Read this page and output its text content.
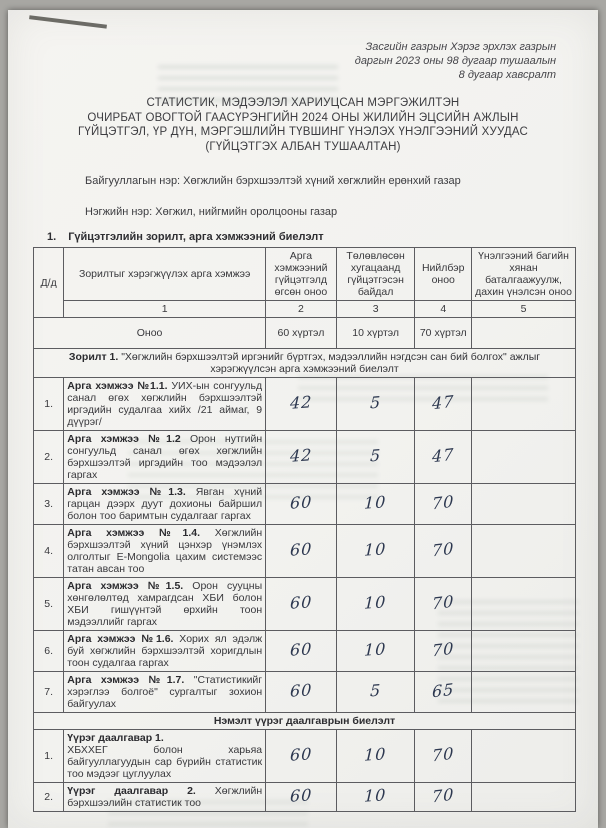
Засгийн газрын Хэрэг эрхлэх газрын
даргын 2023 оны 98 дугаар тушаалын
8 дугаар хавсралт
СТАТИСТИК, МЭДЭЭЛЭЛ ХАРИУЦСАН МЭРГЭЖИЛТЭН
ОЧИРБАТ ОВОГТОЙ ГААСҮРЭНГИЙН 2024 ОНЫ ЖИЛИЙН ЭЦСИЙН АЖЛЫН
ГҮЙЦЭТГЭЛ, ҮР ДҮН, МЭРГЭШЛИЙН ТҮВШИНГ ҮНЭЛЭХ ҮНЭЛГЭЭНИЙ ХУУДАС
(ГҮЙЦЭТГЭХ АЛБАН ТУШААЛТАН)
Байгууллагын нэр: Хөгжлийн бэрхшээлтэй хүний хөгжлийн ерөнхий газар
Нэгжийн нэр: Хөгжил, нийгмийн оролцооны газар
1. Гүйцэтгэлийн зорилт, арга хэмжээний биелэлт
Д/д	Зорилтыг хэрэгжүүлэх арга хэмжээ	Арга хэмжээний гүйцэтгэлд өгсөн оноо	Төлөвлөсөн хугацаанд гүйцэтгэсэн байдал	Нийлбэр оноо	Үнэлгээний багийн хянан баталгаажуулж, дахин үнэлсэн оноо
	1	2	3	4	5
Оноо		60 хүртэл	10 хүртэл	70 хүртэл	
Зорилт 1. "Хөгжлийн бэрхшээлтэй иргэнийг бүртгэх, мэдээллийн нэгдсэн сан бий болгох" ажлыг хэрэгжүүлсэн арга хэмжээний биелэлт					
1.	Арга хэмжээ №1.1. УИХ-ын сонгуульд санал өгөх хөгжлийн бэрхшээлтэй иргэдийн судалгаа хийх /21 аймаг, 9 дүүрэг/	42	5	47	
2.	Арга хэмжээ №1.2 Орон нутгийн сонгуульд санал өгөх хөгжлийн бэрхшээлтэй иргэдийн тоо мэдээлэл гаргах	42	5	47	
3.	Арга хэмжээ №1.3. Явган хүний гарцан дээрх дуут дохионы байршил болон тоо баримтын судалгааг гаргах	60	10	70	
4.	Арга хэмжээ №1.4. Хөгжлийн бэрхшээлтэй хүний цэнхэр үнэмлэх олголтыг E-Mongolia цахим системээс татан авсан тоо	60	10	70	
5.	Арга хэмжээ №1.5. Орон сууцны хөнгөлөлтөд хамрагдсан ХБИ болон ХБИ гишүүнтэй өрхийн тоон мэдээллийг гаргах	60	10	70	
6.	Арга хэмжээ №1.6. Хорих ял эдэлж буй хөгжлийн бэрхшээлтэй хоригдлын тоон судалгаа гаргах	60	10	70	
7.	Арга хэмжээ №1.7. "Статистикийг хэрэглээ болгоё" сургалтыг зохион байгуулах	60	5	65	
Нэмэлт үүрэг даалгаврын биелэлт					
1.	Үүрэг даалгавар 1.
ХБХХЕГ болон харьяа байгууллагуудын сар бүрийн статистик тоо мэдээг цуглуулах	60	10	70	
2.	Үүрэг даалгавар 2. Хөгжлийн бэрхшээлийн статистик тоо	60	10	70	
